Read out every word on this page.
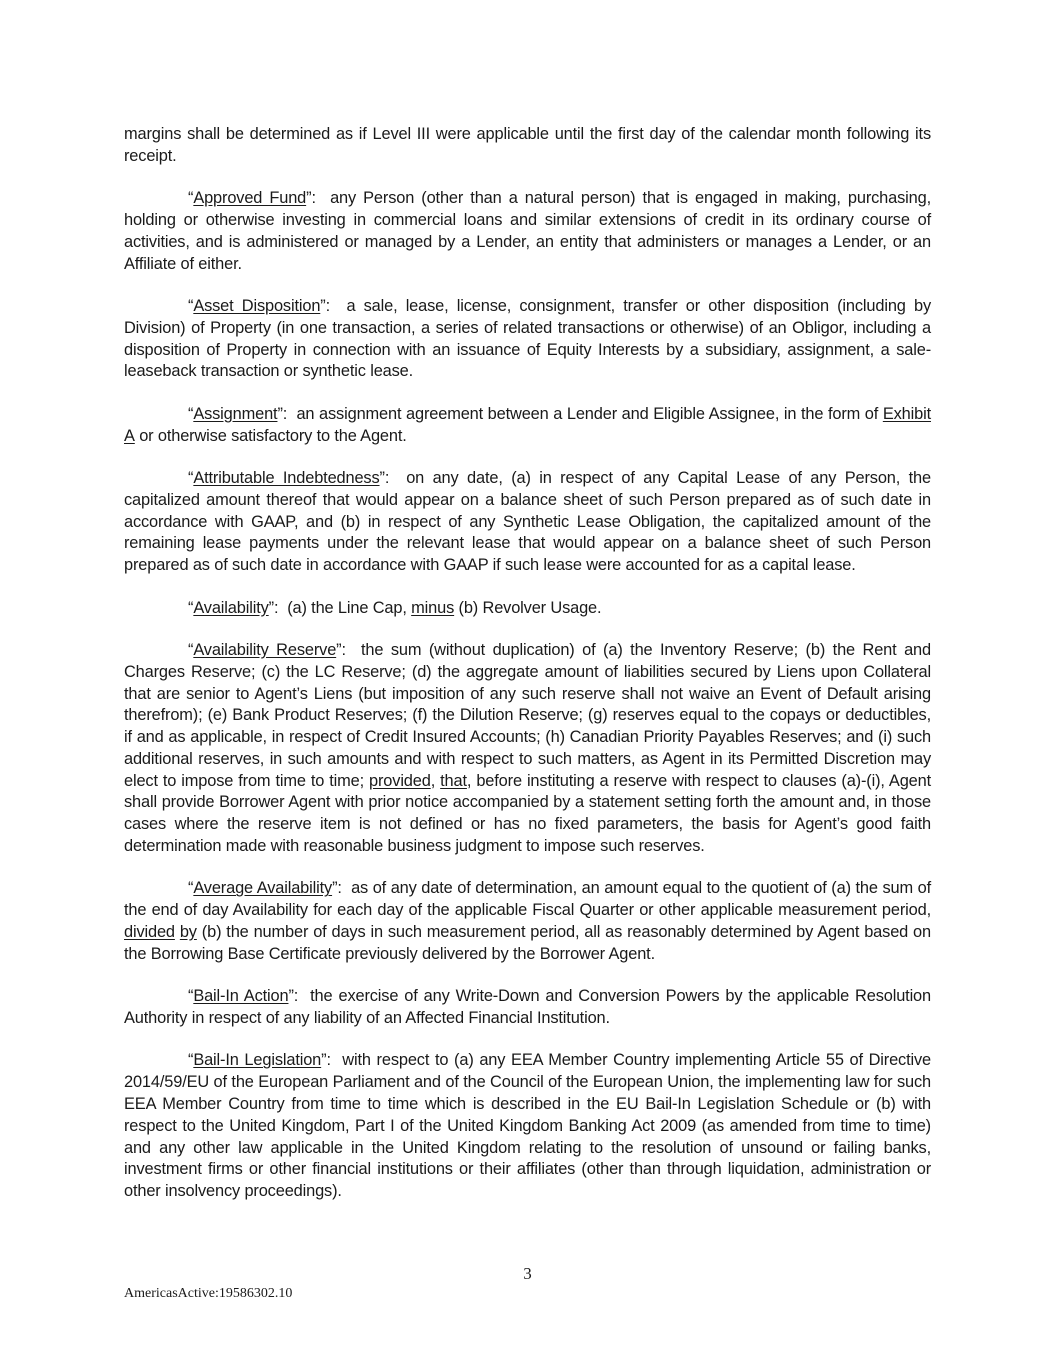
margins shall be determined as if Level III were applicable until the first day of the calendar month following its receipt.

“Approved Fund”:  any Person (other than a natural person) that is engaged in making, purchasing, holding or otherwise investing in commercial loans and similar extensions of credit in its ordinary course of activities, and is administered or managed by a Lender, an entity that administers or manages a Lender, or an Affiliate of either.

“Asset Disposition”:  a sale, lease, license, consignment, transfer or other disposition (including by Division) of Property (in one transaction, a series of related transactions or otherwise) of an Obligor, including a disposition of Property in connection with an issuance of Equity Interests by a subsidiary, assignment, a sale-leaseback transaction or synthetic lease.

“Assignment”:  an assignment agreement between a Lender and Eligible Assignee, in the form of Exhibit A or otherwise satisfactory to the Agent.

“Attributable Indebtedness”:  on any date, (a) in respect of any Capital Lease of any Person, the capitalized amount thereof that would appear on a balance sheet of such Person prepared as of such date in accordance with GAAP, and (b) in respect of any Synthetic Lease Obligation, the capitalized amount of the remaining lease payments under the relevant lease that would appear on a balance sheet of such Person prepared as of such date in accordance with GAAP if such lease were accounted for as a capital lease.

“Availability”:  (a) the Line Cap, minus (b) Revolver Usage.

“Availability Reserve”:  the sum (without duplication) of (a) the Inventory Reserve; (b) the Rent and Charges Reserve; (c) the LC Reserve; (d) the aggregate amount of liabilities secured by Liens upon Collateral that are senior to Agent’s Liens (but imposition of any such reserve shall not waive an Event of Default arising therefrom); (e) Bank Product Reserves; (f) the Dilution Reserve; (g) reserves equal to the copays or deductibles, if and as applicable, in respect of Credit Insured Accounts; (h) Canadian Priority Payables Reserves; and (i) such additional reserves, in such amounts and with respect to such matters, as Agent in its Permitted Discretion may elect to impose from time to time; provided, that, before instituting a reserve with respect to clauses (a)-(i), Agent shall provide Borrower Agent with prior notice accompanied by a statement setting forth the amount and, in those cases where the reserve item is not defined or has no fixed parameters, the basis for Agent’s good faith determination made with reasonable business judgment to impose such reserves.

“Average Availability”:  as of any date of determination, an amount equal to the quotient of (a) the sum of the end of day Availability for each day of the applicable Fiscal Quarter or other applicable measurement period, divided by (b) the number of days in such measurement period, all as reasonably determined by Agent based on the Borrowing Base Certificate previously delivered by the Borrower Agent.

“Bail-In Action”:  the exercise of any Write-Down and Conversion Powers by the applicable Resolution Authority in respect of any liability of an Affected Financial Institution.

“Bail-In Legislation”:  with respect to (a) any EEA Member Country implementing Article 55 of Directive 2014/59/EU of the European Parliament and of the Council of the European Union, the implementing law for such EEA Member Country from time to time which is described in the EU Bail-In Legislation Schedule or (b) with respect to the United Kingdom, Part I of the United Kingdom Banking Act 2009 (as amended from time to time) and any other law applicable in the United Kingdom relating to the resolution of unsound or failing banks, investment firms or other financial institutions or their affiliates (other than through liquidation, administration or other insolvency proceedings).

3
AmericasActive:19586302.10
